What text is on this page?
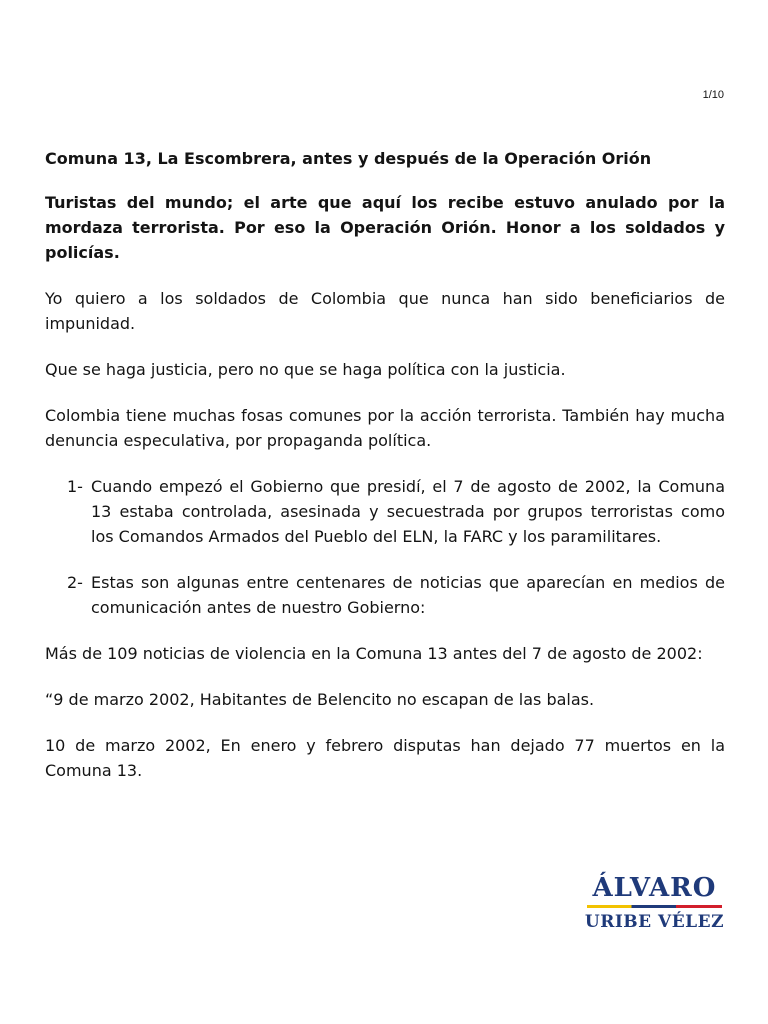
1/10

Comuna 13, La Escombrera, antes y después de la Operación Orión

Turistas del mundo; el arte que aquí los recibe estuvo anulado por la mordaza terrorista. Por eso la Operación Orión. Honor a los soldados y policías.

Yo quiero a los soldados de Colombia que nunca han sido beneficiarios de impunidad.

Que se haga justicia, pero no que se haga política con la justicia.

Colombia tiene muchas fosas comunes por la acción terrorista. También hay mucha denuncia especulativa, por propaganda política.

1- Cuando empezó el Gobierno que presidí, el 7 de agosto de 2002, la Comuna 13 estaba controlada, asesinada y secuestrada por grupos terroristas como los Comandos Armados del Pueblo del ELN, la FARC y los paramilitares.
2- Estas son algunas entre centenares de noticias que aparecían en medios de comunicación antes de nuestro Gobierno:

Más de 109 noticias de violencia en la Comuna 13 antes del 7 de agosto de 2002:

“9 de marzo 2002, Habitantes de Belencito no escapan de las balas.

10 de marzo 2002, En enero y febrero disputas han dejado 77 muertos en la Comuna 13.

ÁLVARO
URIBE VÉLEZ
